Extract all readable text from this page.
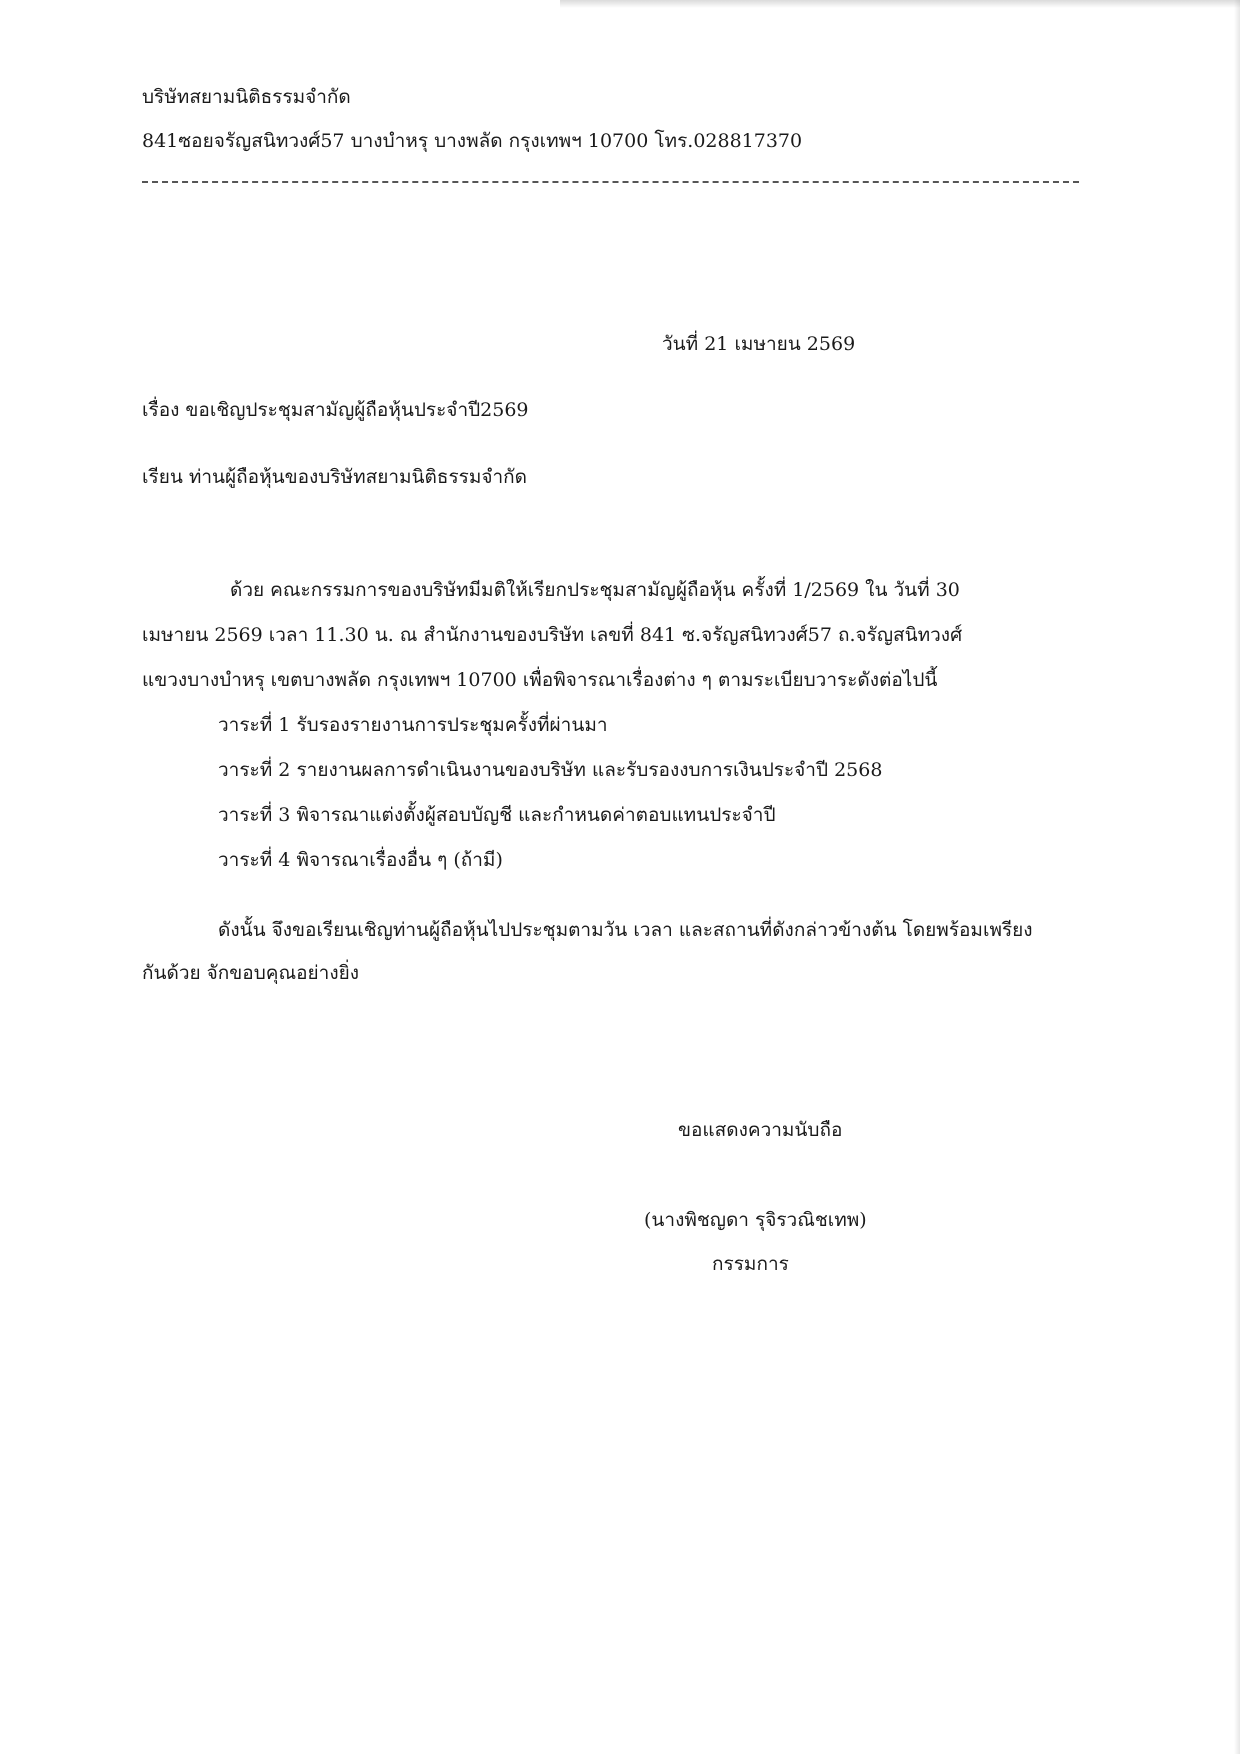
บริษัทสยามนิติธรรมจำกัด
841ซอยจรัญสนิทวงศ์57 บางบำหรุ บางพลัด กรุงเทพฯ 10700 โทร.028817370
วันที่ 21 เมษายน 2569
เรื่อง ขอเชิญประชุมสามัญผู้ถือหุ้นประจำปี2569
เรียน ท่านผู้ถือหุ้นของบริษัทสยามนิติธรรมจำกัด
ด้วย คณะกรรมการของบริษัทมีมติให้เรียกประชุมสามัญผู้ถือหุ้น ครั้งที่ 1/2569 ใน วันที่ 30
เมษายน 2569 เวลา 11.30 น. ณ สำนักงานของบริษัท เลขที่ 841 ซ.จรัญสนิทวงศ์57 ถ.จรัญสนิทวงศ์
แขวงบางบำหรุ เขตบางพลัด กรุงเทพฯ 10700 เพื่อพิจารณาเรื่องต่าง ๆ ตามระเบียบวาระดังต่อไปนี้
วาระที่ 1 รับรองรายงานการประชุมครั้งที่ผ่านมา
วาระที่ 2 รายงานผลการดำเนินงานของบริษัท และรับรองงบการเงินประจำปี 2568
วาระที่ 3 พิจารณาแต่งตั้งผู้สอบบัญชี และกำหนดค่าตอบแทนประจำปี
วาระที่ 4 พิจารณาเรื่องอื่น ๆ (ถ้ามี)
ดังนั้น จึงขอเรียนเชิญท่านผู้ถือหุ้นไปประชุมตามวัน เวลา และสถานที่ดังกล่าวข้างต้น โดยพร้อมเพรียง
กันด้วย จักขอบคุณอย่างยิ่ง
ขอแสดงความนับถือ
(นางพิชญดา รุจิรวณิชเทพ)
กรรมการ
